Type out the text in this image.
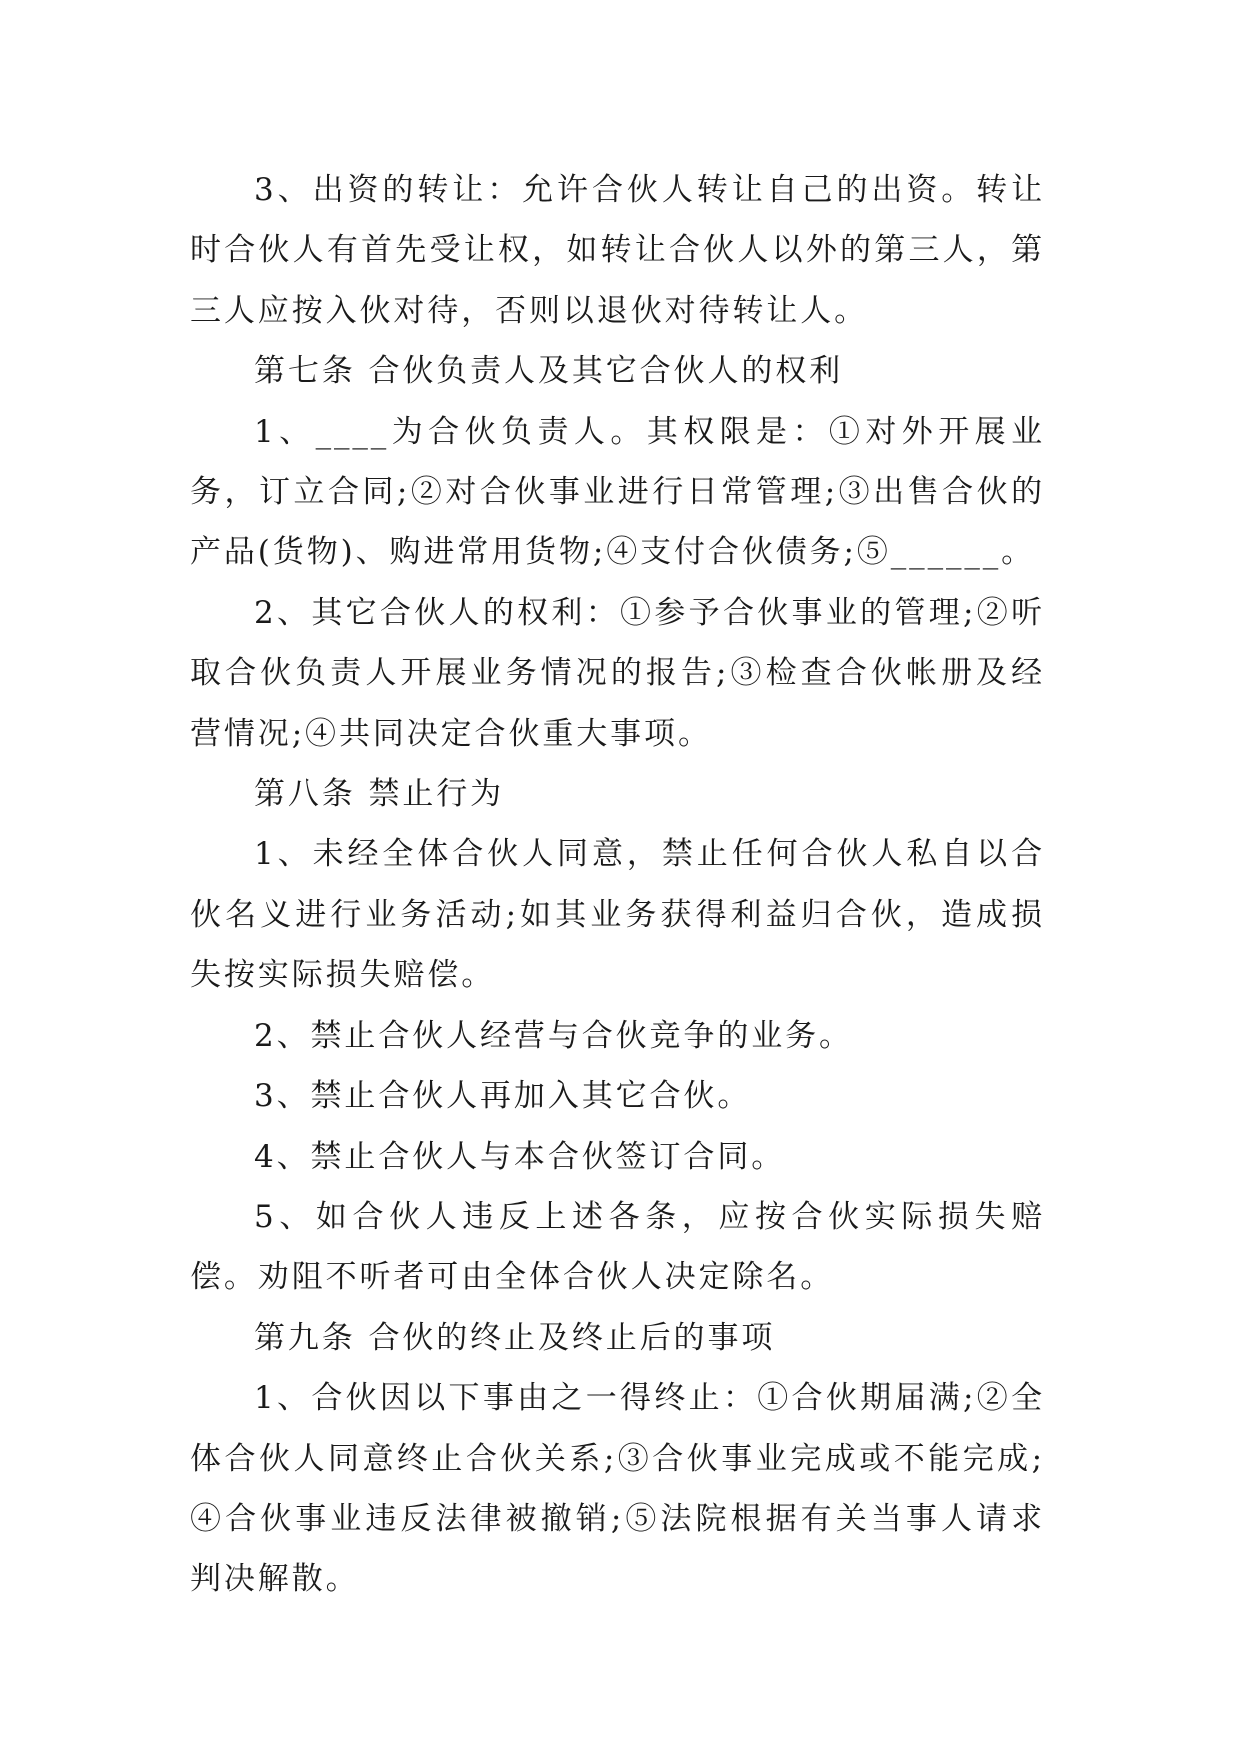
3、出资的转让：允许合伙人转让自己的出资。转让时合伙人有首先受让权，如转让合伙人以外的第三人，第三人应按入伙对待，否则以退伙对待转让人。

第七条 合伙负责人及其它合伙人的权利

1、____为合伙负责人。其权限是：①对外开展业务，订立合同;②对合伙事业进行日常管理;③出售合伙的产品(货物)、购进常用货物;④支付合伙债务;⑤______。

2、其它合伙人的权利：①参予合伙事业的管理;②听取合伙负责人开展业务情况的报告;③检查合伙帐册及经营情况;④共同决定合伙重大事项。

第八条 禁止行为

1、未经全体合伙人同意，禁止任何合伙人私自以合伙名义进行业务活动;如其业务获得利益归合伙，造成损失按实际损失赔偿。

2、禁止合伙人经营与合伙竞争的业务。

3、禁止合伙人再加入其它合伙。

4、禁止合伙人与本合伙签订合同。

5、如合伙人违反上述各条，应按合伙实际损失赔偿。劝阻不听者可由全体合伙人决定除名。

第九条 合伙的终止及终止后的事项

1、合伙因以下事由之一得终止：①合伙期届满;②全体合伙人同意终止合伙关系;③合伙事业完成或不能完成;④合伙事业违反法律被撤销;⑤法院根据有关当事人请求判决解散。
